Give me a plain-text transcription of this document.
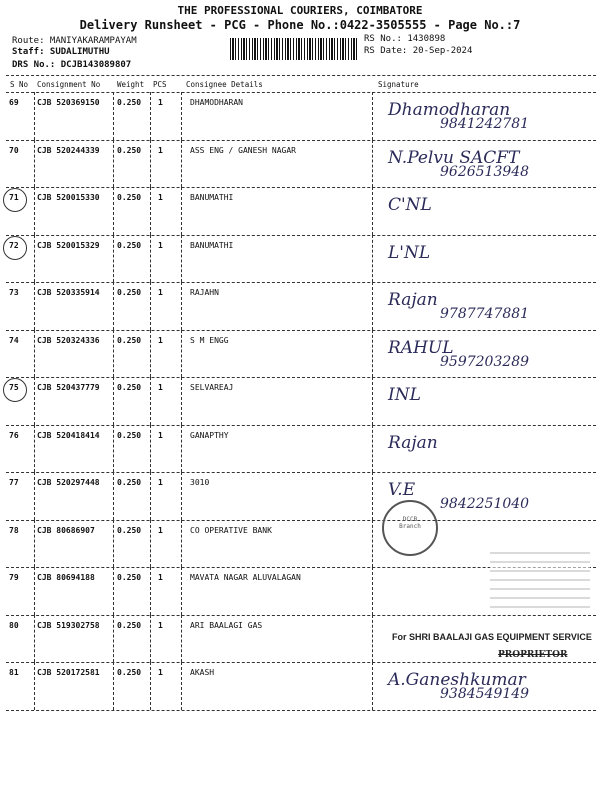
THE PROFESSIONAL COURIERS, COIMBATORE
Delivery Runsheet - PCG - Phone No.:0422-3505555 - Page No.:7
Route: MANIYAKARAMPAYAM
Staff: SUDALIMUTHU
DRS No.: DCJB143089807
RS No.: 1430898
RS Date: 20-Sep-2024
S No Consignment No Weight PCS	Consignee Details	Signature
69 CJB 520369150 0.250 1	DHAMODHARAN	Dhamodharan
9841242781
70 CJB 520244339 0.250 1	ASS ENG / GANESH NAGAR	N.Pelvu SACFT
9626513948
71 CJB 520015330 0.250 1	BANUMATHI	C'NL
72 CJB 520015329 0.250 1	BANUMATHI	L'NL
73 CJB 520335914 0.250 1	RAJAHN	Rajan
9787747881
74 CJB 520324336 0.250 1	S M ENGG	RAHUL
9597203289
75 CJB 520437779 0.250 1	SELVAREAJ	INL
76 CJB 520418414 0.250 1	GANAPTHY	Rajan
77 CJB 520297448 0.250 1	3010	V.E
9842251040
78 CJB 80686907	0.250 1	CO OPERATIVE BANK
79 CJB 80694188	0.250 1	MAVATA NAGAR ALUVALAGAN
80 CJB 519302758 0.250 1	ARI BAALAGI GAS
For SHRI BAALAJI GAS EQUIPMENT SERVICE
81 CJB 520172581 0.250 1	AKASH	A.Ganeshkumar
9384549149
DCCB
Branch
PROPRIETOR
